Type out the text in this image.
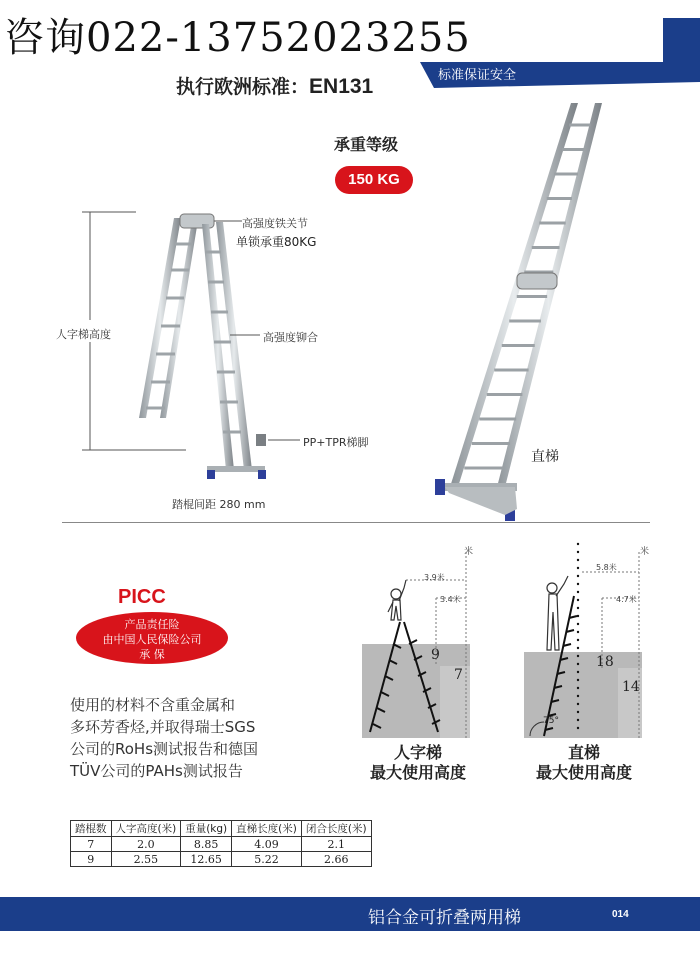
咨询022-13752023255
执行欧洲标准：EN131	标准保证安全
承重等级
150 KG
高强度铁关节
单锁承重80KG
人字梯高度	高强度铆合
PP+TPR梯脚
踏棍间距 280 mm
直梯
PICC
产品责任险
由中国人民保险公司
承 保
使用的材料不含重金属和
多环芳香烃,并取得瑞士SGS
公司的RoHs测试报告和德国
TÜV公司的PAHs测试报告
米
3.9米
3.4米
9
7
人字梯
最大使用高度
米
5.8米
4.7米
18
14
75°
直梯
最大使用高度
踏棍数	人字高度(米)	重量(kg)	直梯长度(米)	闭合长度(米)
7	2.0	8.85	4.09	2.1
9	2.55	12.65	5.22	2.66
铝合金可折叠两用梯	014
